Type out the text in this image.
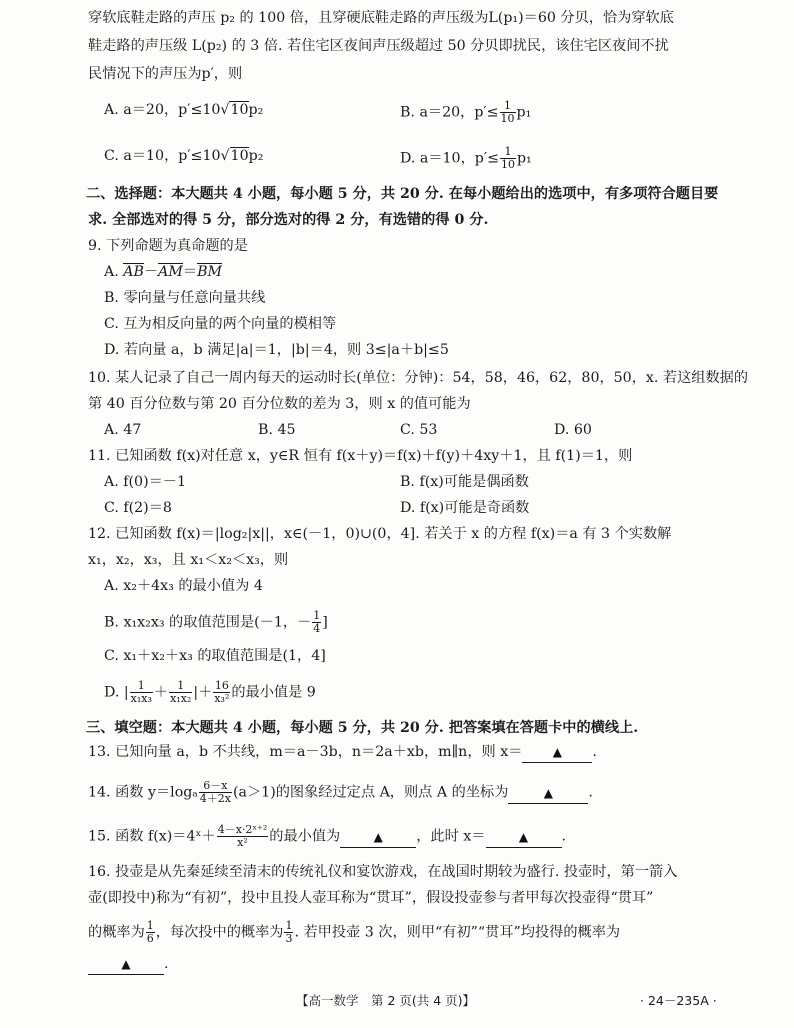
穿软底鞋走路的声压 p₂ 的 100 倍，且穿硬底鞋走路的声压级为L(p₁)＝60 分贝，恰为穿软底
鞋走路的声压级 L(p₂) 的 3 倍. 若住宅区夜间声压级超过 50 分贝即扰民，该住宅区夜间不扰
民情况下的声压为p′，则
A. a＝20，p′≤10√10p₂	B. a＝20，$p'\le \frac{1}{10} p_1$
C. a＝10，p′≤10√10p₂	D. a＝10，$p'\le \frac{1}{10} p_1$
二、选择题：本大题共 4 小题，每小题 5 分，共 20 分. 在每小题给出的选项中，有多项符合题目要
求. 全部选对的得 5 分，部分选对的得 2 分，有选错的得 0 分.
9. 下列命题为真命题的是
A. AB－AM＝BM
B. 零向量与任意向量共线
C. 互为相反向量的两个向量的模相等
D. 若向量 a，b 满足|a|＝1，|b|＝4，则 3≤|a＋b|≤5
10. 某人记录了自己一周内每天的运动时长(单位：分钟)：54，58，46，62，80，50，x. 若这组数据的
第 40 百分位数与第 20 百分位数的差为 3，则 x 的值可能为
A. 47	B. 45	C. 53	D. 60
11. 已知函数 f(x)对任意 x，y∈R 恒有 f(x＋y)＝f(x)＋f(y)＋4xy＋1，且 f(1)＝1，则
A. f(0)＝－1	B. f(x)可能是偶函数
C. f(2)＝8	D. f(x)可能是奇函数
12. 已知函数 f(x)＝|log₂|x||，x∈(－1，0)∪(0，4]. 若关于 x 的方程 f(x)＝a 有 3 个实数解
x₁，x₂，x₃，且 x₁＜x₂＜x₃，则
A. x₂＋4x₃ 的最小值为 4
B. x₁x₂x₃ 的取值范围是(－1，－ $\frac{1}{4}$ ]
C. x₁＋x₂＋x₃ 的取值范围是(1，4]
D. | $\frac{1}{\text{x₁x₃}} + \frac{1}{\text{x₁x₂}}$ |＋ $\frac{16}{\text{x₃²}}$ 的最小值是 9
三、填空题：本大题共 4 小题，每小题 5 分，共 20 分. 把答案填在答题卡中的横线上.
13. 已知向量 a，b 不共线，m＝a－3b，n＝2a＋xb，m∥n，则 x＝	▲ .
14. 函数 $y=\log_a \frac{6-x}{4+2x} (a>1)$的图象经过定点 A，则点 A 的坐标为	▲ .
15. 函数 f(x)＝4ˣ＋ $\frac{\text{4－x·2ˣ⁺²}}{\text{x²}}$ 的最小值为	▲ ，此时 x＝	▲ .
16. 投壶是从先秦延续至清末的传统礼仪和宴饮游戏，在战国时期较为盛行. 投壶时，第一箭入
壶(即投中)称为“有初”，投中且投人壶耳称为“贯耳”，假设投壶参与者甲每次投壶得“贯耳”
的概率为 $\frac{1}{6}$ ，每次投中的概率为 $\frac{1}{3}$ . 若甲投壶 3 次，则甲“有初”“贯耳”均投得的概率为
▲ .
【高一数学　第 2 页(共 4 页)】	· 24－235A ·
